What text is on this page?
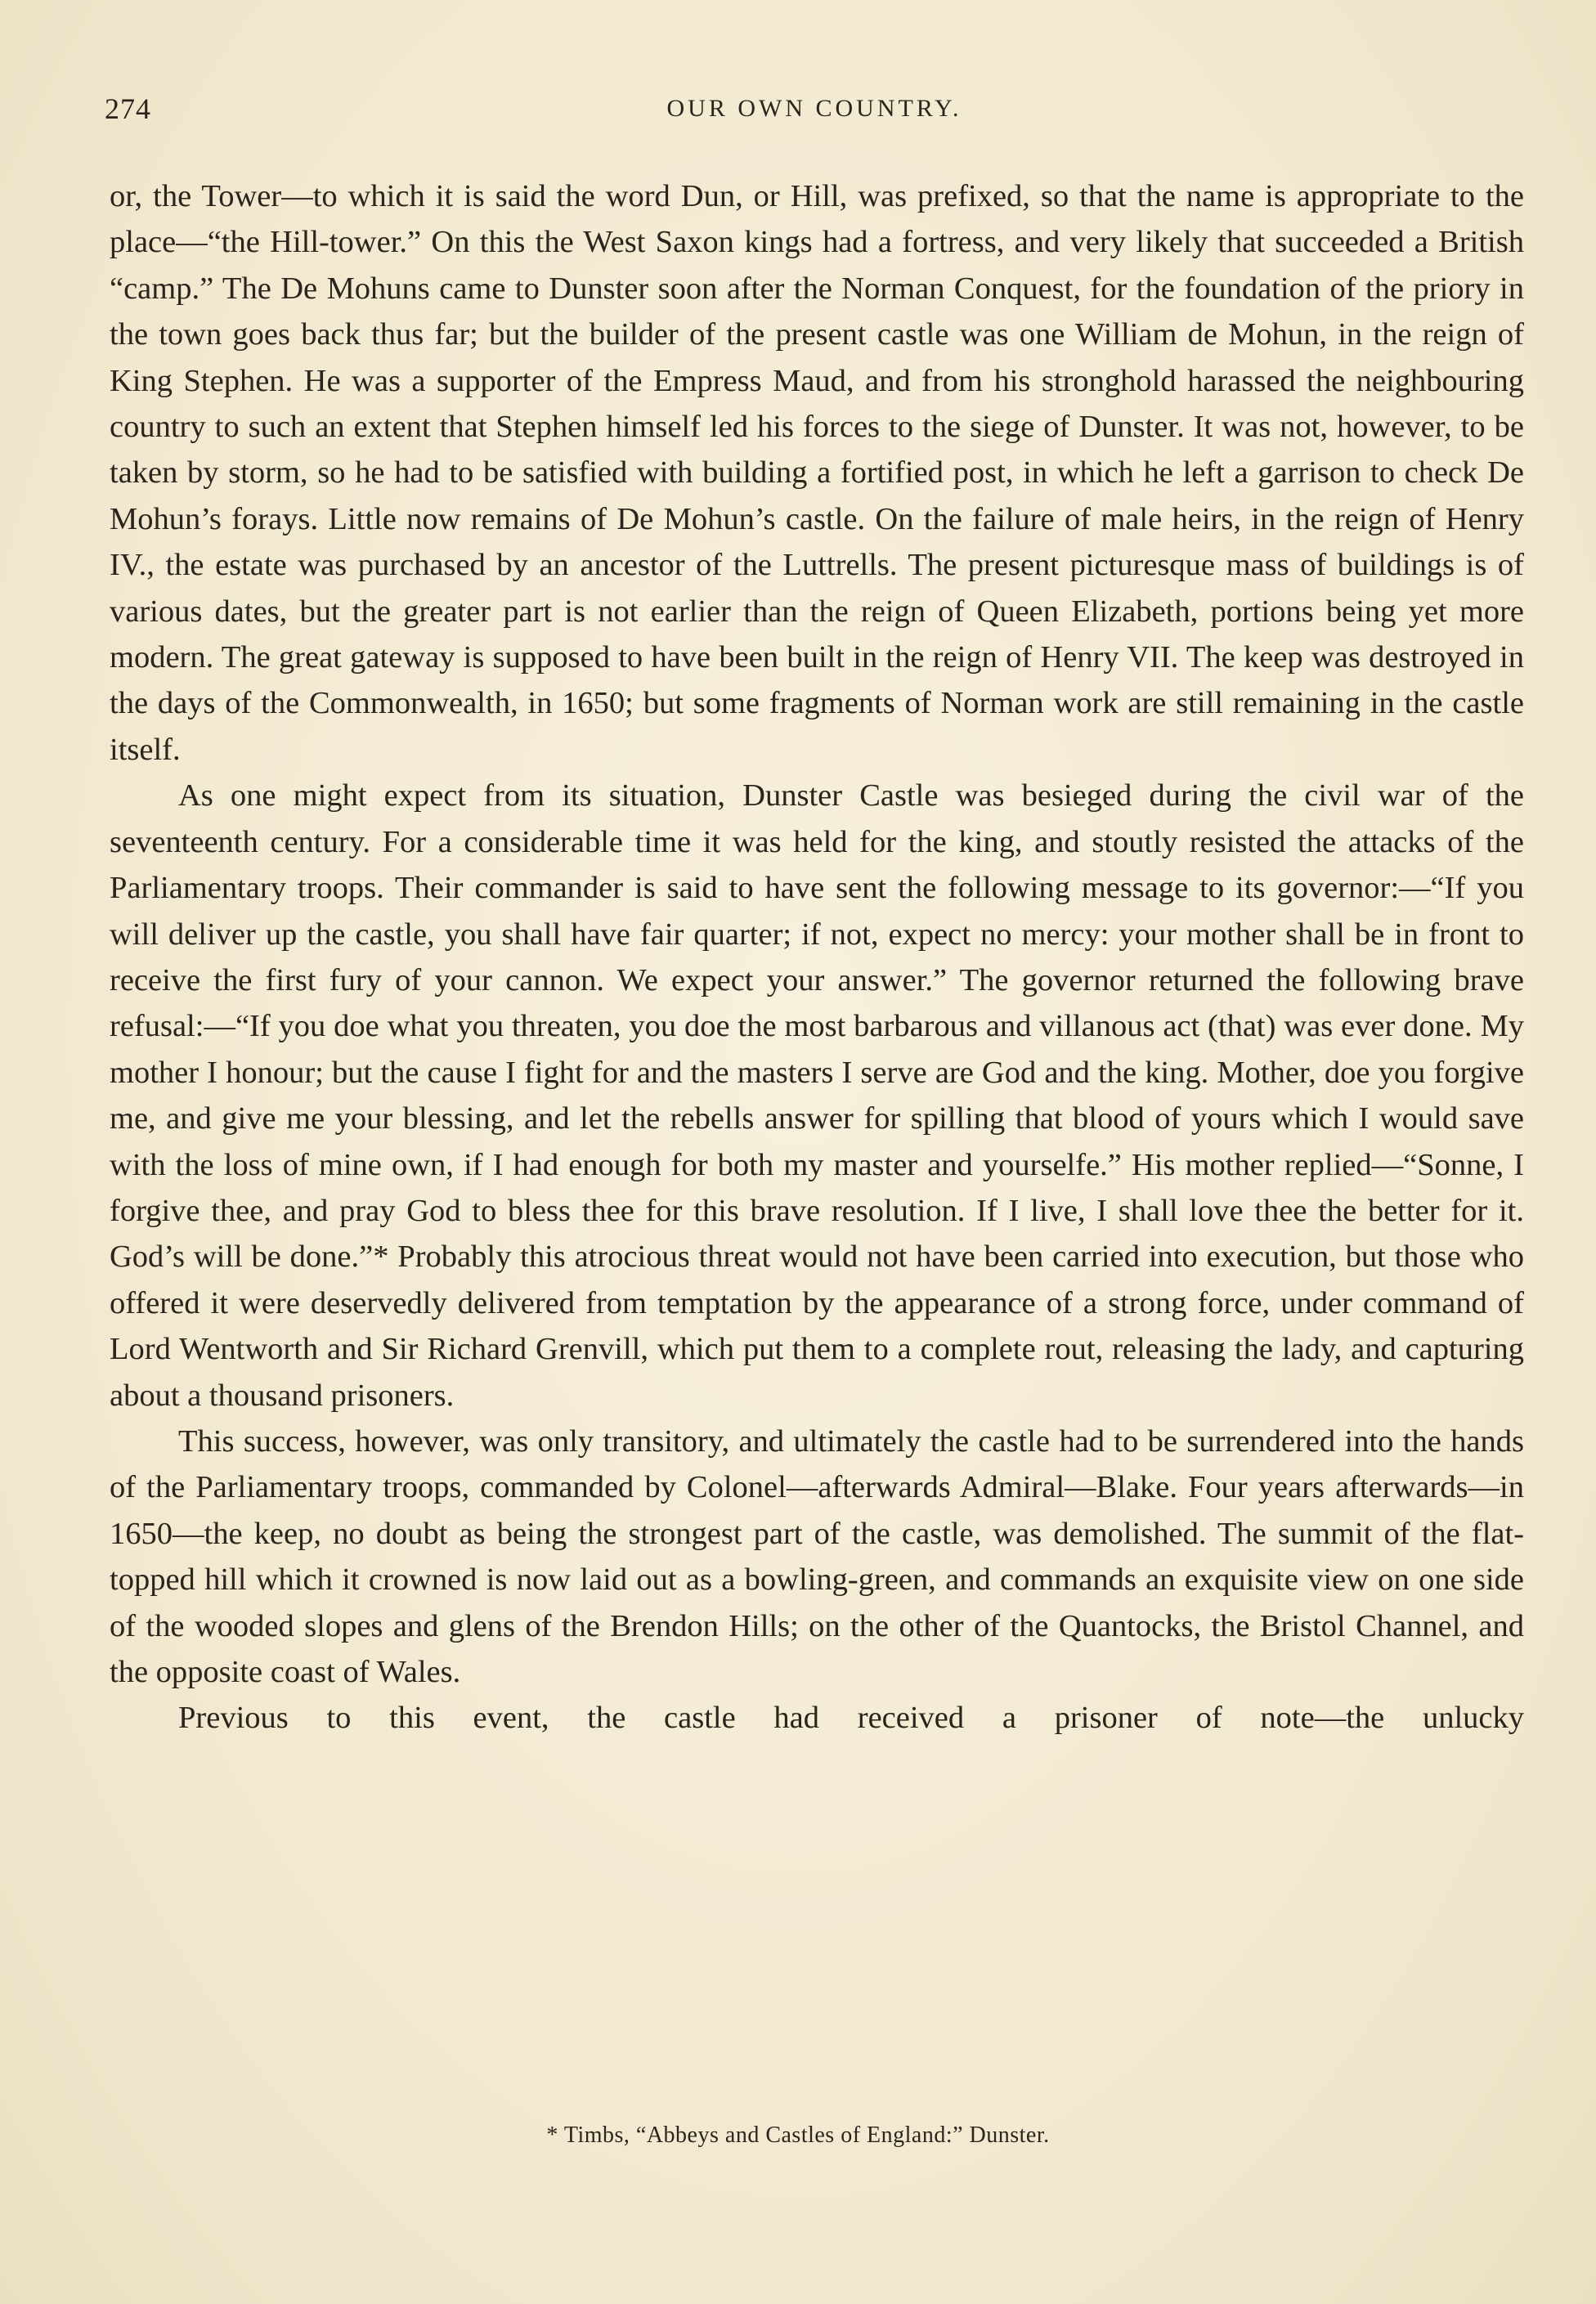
274	OUR OWN COUNTRY.

or, the Tower—to which it is said the word Dun, or Hill, was prefixed, so that the name is appropriate to the place—“the Hill-tower.” On this the West Saxon kings had a fortress, and very likely that succeeded a British “camp.” The De Mohuns came to Dunster soon after the Norman Conquest, for the foundation of the priory in the town goes back thus far; but the builder of the present castle was one William de Mohun, in the reign of King Stephen. He was a supporter of the Empress Maud, and from his stronghold harassed the neighbouring country to such an extent that Stephen himself led his forces to the siege of Dunster. It was not, however, to be taken by storm, so he had to be satisfied with building a fortified post, in which he left a garrison to check De Mohun’s forays. Little now remains of De Mohun’s castle. On the failure of male heirs, in the reign of Henry IV., the estate was purchased by an ancestor of the Luttrells. The present picturesque mass of buildings is of various dates, but the greater part is not earlier than the reign of Queen Elizabeth, portions being yet more modern. The great gateway is supposed to have been built in the reign of Henry VII. The keep was destroyed in the days of the Commonwealth, in 1650; but some fragments of Norman work are still remaining in the castle itself.

As one might expect from its situation, Dunster Castle was besieged during the civil war of the seventeenth century. For a considerable time it was held for the king, and stoutly resisted the attacks of the Parliamentary troops. Their commander is said to have sent the following message to its governor:—“If you will deliver up the castle, you shall have fair quarter; if not, expect no mercy: your mother shall be in front to receive the first fury of your cannon. We expect your answer.” The governor returned the following brave refusal:—“If you doe what you threaten, you doe the most barbarous and villanous act (that) was ever done. My mother I honour; but the cause I fight for and the masters I serve are God and the king. Mother, doe you forgive me, and give me your blessing, and let the rebells answer for spilling that blood of yours which I would save with the loss of mine own, if I had enough for both my master and yourselfe.” His mother replied—“Sonne, I forgive thee, and pray God to bless thee for this brave resolution. If I live, I shall love thee the better for it. God’s will be done.”* Probably this atrocious threat would not have been carried into execution, but those who offered it were deservedly delivered from temptation by the appearance of a strong force, under command of Lord Wentworth and Sir Richard Grenvill, which put them to a complete rout, releasing the lady, and capturing about a thousand prisoners.

This success, however, was only transitory, and ultimately the castle had to be surrendered into the hands of the Parliamentary troops, commanded by Colonel—afterwards Admiral—Blake. Four years afterwards—in 1650—the keep, no doubt as being the strongest part of the castle, was demolished. The summit of the flat-topped hill which it crowned is now laid out as a bowling-green, and commands an exquisite view on one side of the wooded slopes and glens of the Brendon Hills; on the other of the Quantocks, the Bristol Channel, and the opposite coast of Wales.

Previous to this event, the castle had received a prisoner of note—the unlucky

* Timbs, “Abbeys and Castles of England:” Dunster.
